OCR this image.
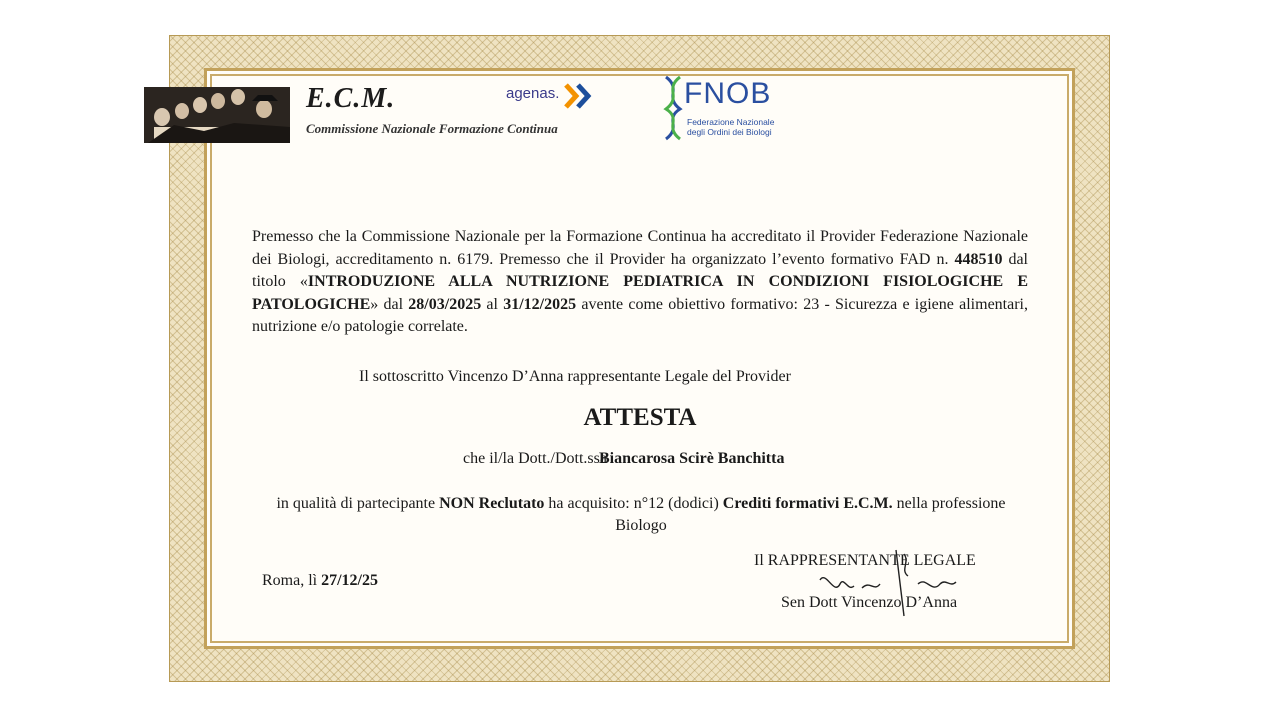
E.C.M.
Commissione Nazionale Formazione Continua
agenas.	FNOB
Federazione Nazionale
degli Ordini dei Biologi
Premesso che la Commissione Nazionale per la Formazione Continua ha accreditato il Provider Federazione Nazionale dei Biologi, accreditamento n. 6179. Premesso che il Provider ha organizzato l’evento formativo FAD n. 448510 dal titolo «INTRODUZIONE ALLA NUTRIZIONE PEDIATRICA IN CONDIZIONI FISIOLOGICHE E PATOLOGICHE» dal 28/03/2025 al 31/12/2025 avente come obiettivo formativo: 23 - Sicurezza e igiene alimentari, nutrizione e/o patologie correlate.
Il sottoscritto Vincenzo D’Anna rappresentante Legale del Provider
ATTESTA
che il/la Dott./Dott.ssaBiancarosa Scirè Banchitta
in qualità di partecipante NON Reclutato ha acquisito: n°12 (dodici) Crediti formativi E.C.M. nella professione Biologo
Roma, lì 27/12/25
Il RAPPRESENTANTE LEGALE
Sen Dott Vincenzo D’Anna
